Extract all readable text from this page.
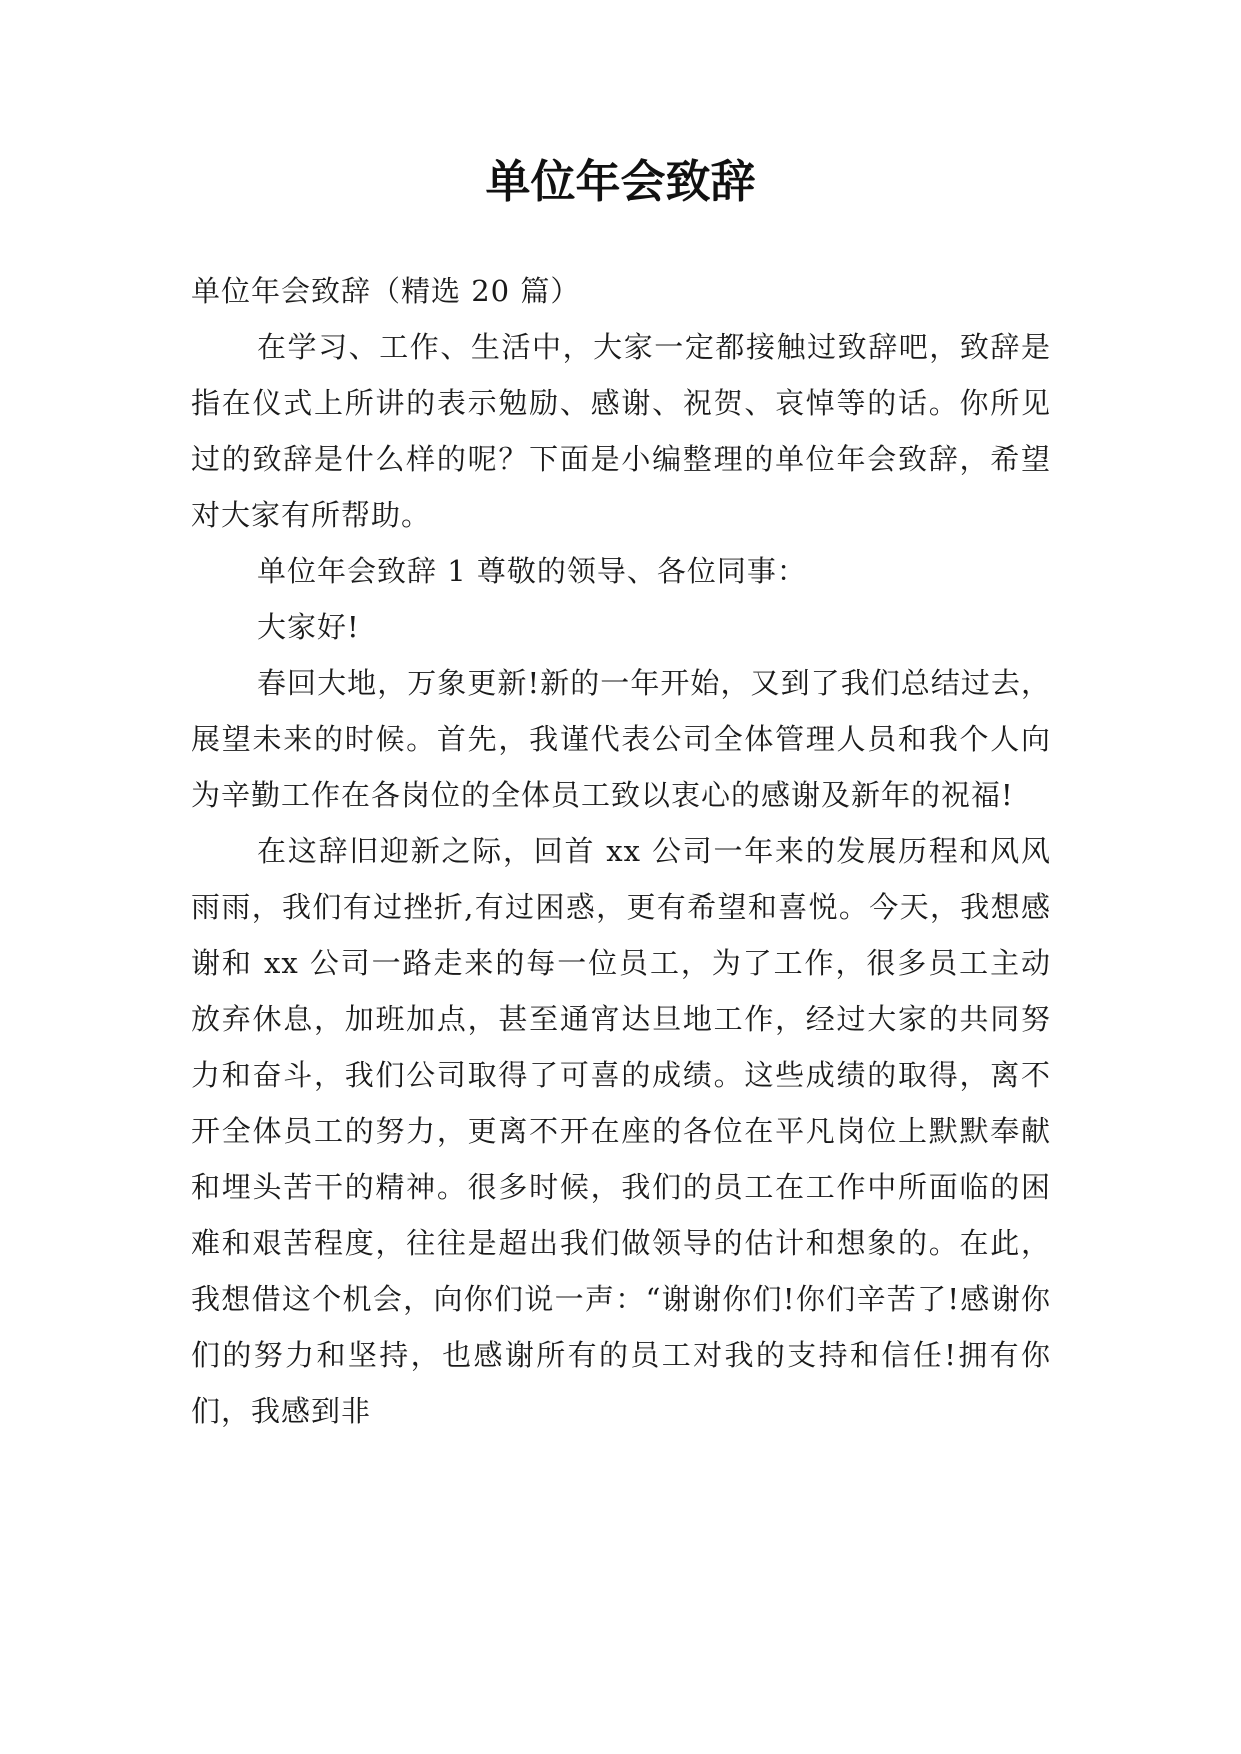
单位年会致辞

单位年会致辞（精选 20 篇）

在学习、工作、生活中，大家一定都接触过致辞吧，致辞是指在仪式上所讲的表示勉励、感谢、祝贺、哀悼等的话。你所见过的致辞是什么样的呢？下面是小编整理的单位年会致辞，希望对大家有所帮助。

单位年会致辞 1 尊敬的领导、各位同事：

大家好!

春回大地，万象更新!新的一年开始，又到了我们总结过去，展望未来的时候。首先，我谨代表公司全体管理人员和我个人向为辛勤工作在各岗位的全体员工致以衷心的感谢及新年的祝福!

在这辞旧迎新之际，回首 xx 公司一年来的发展历程和风风雨雨，我们有过挫折,有过困惑，更有希望和喜悦。今天，我想感谢和 xx 公司一路走来的每一位员工，为了工作，很多员工主动放弃休息，加班加点，甚至通宵达旦地工作，经过大家的共同努力和奋斗，我们公司取得了可喜的成绩。这些成绩的取得，离不开全体员工的努力，更离不开在座的各位在平凡岗位上默默奉献和埋头苦干的精神。很多时候，我们的员工在工作中所面临的困难和艰苦程度，往往是超出我们做领导的估计和想象的。在此，我想借这个机会，向你们说一声：“谢谢你们!你们辛苦了!感谢你们的努力和坚持，也感谢所有的员工对我的支持和信任!拥有你们，我感到非
